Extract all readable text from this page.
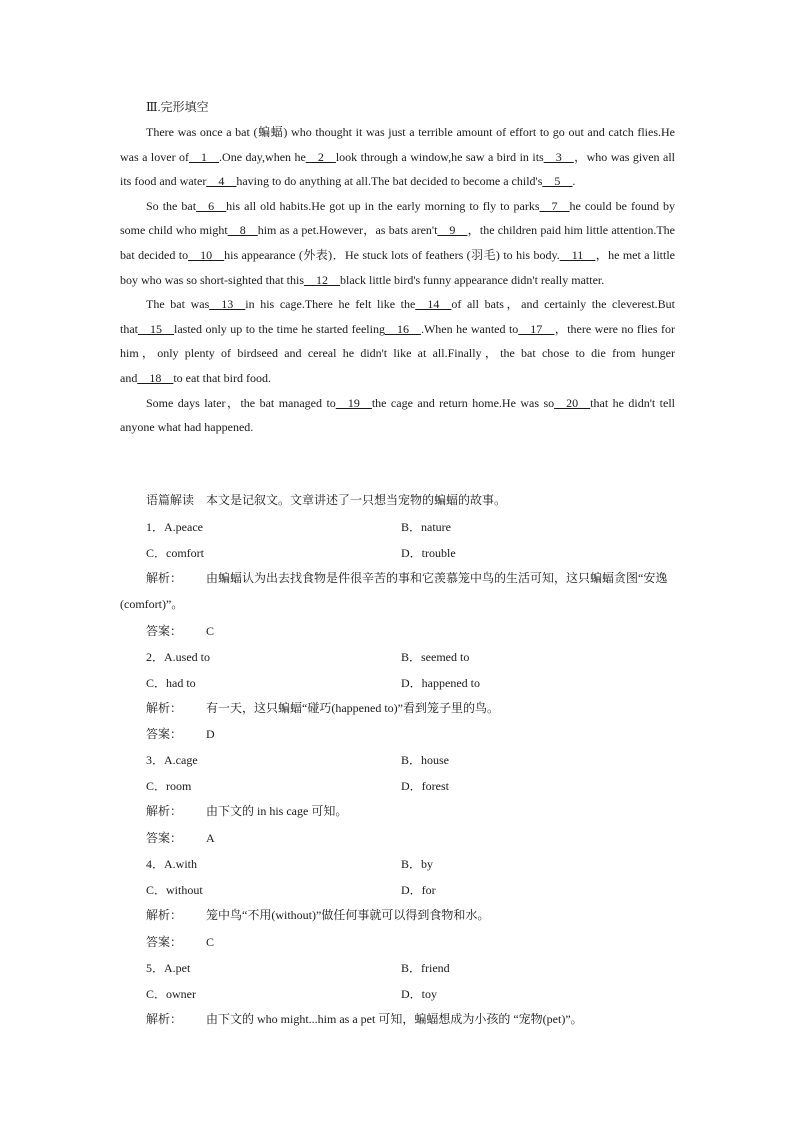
Ⅲ.完形填空

There was once a bat (蝙蝠) who thought it was just a terrible amount of effort to go out and catch flies.He was a lover of__1__.One day,when he__2__look through a window,he saw a bird in its__3__，who was given all its food and water__4__having to do anything at all.The bat decided to become a child's__5__.

So the bat__6__his all old habits.He got up in the early morning to fly to parks__7__he could be found by some child who might__8__him as a pet.However，as bats aren't__9__，the children paid him little attention.The bat decided to__10__his appearance (外表)．He stuck lots of feathers (羽毛) to his body.__11__，he met a little boy who was so short-sighted that this__12__black little bird's funny appearance didn't really matter.

The bat was__13__in his cage.There he felt like the__14__of all bats，and certainly the cleverest.But that__15__lasted only up to the time he started feeling__16__.When he wanted to__17__，there were no flies for him，only plenty of birdseed and cereal he didn't like at all.Finally，the bat chose to die from hunger and__18__to eat that bird food.

Some days later，the bat managed to__19__the cage and return home.He was so__20__that he didn't tell anyone what had happened.

语篇解读　本文是记叙文。文章讲述了一只想当宠物的蝙蝠的故事。
1．A.peace	B．nature
C．comfort	D．trouble
解析： 由蝙蝠认为出去找食物是件很辛苦的事和它羡慕笼中鸟的生活可知，这只蝙蝠贪图“安逸(comfort)”。
答案： C
2．A.used to	B．seemed to
C．had to	D．happened to
解析： 有一天，这只蝙蝠“碰巧(happened to)”看到笼子里的鸟。
答案： D
3．A.cage	B．house
C．room	D．forest
解析： 由下文的 in his cage 可知。
答案： A
4．A.with	B．by
C．without	D．for
解析： 笼中鸟“不用(without)”做任何事就可以得到食物和水。
答案： C
5．A.pet	B．friend
C．owner	D．toy
解析： 由下文的 who might...him as a pet 可知，蝙蝠想成为小孩的 “宠物(pet)”。
